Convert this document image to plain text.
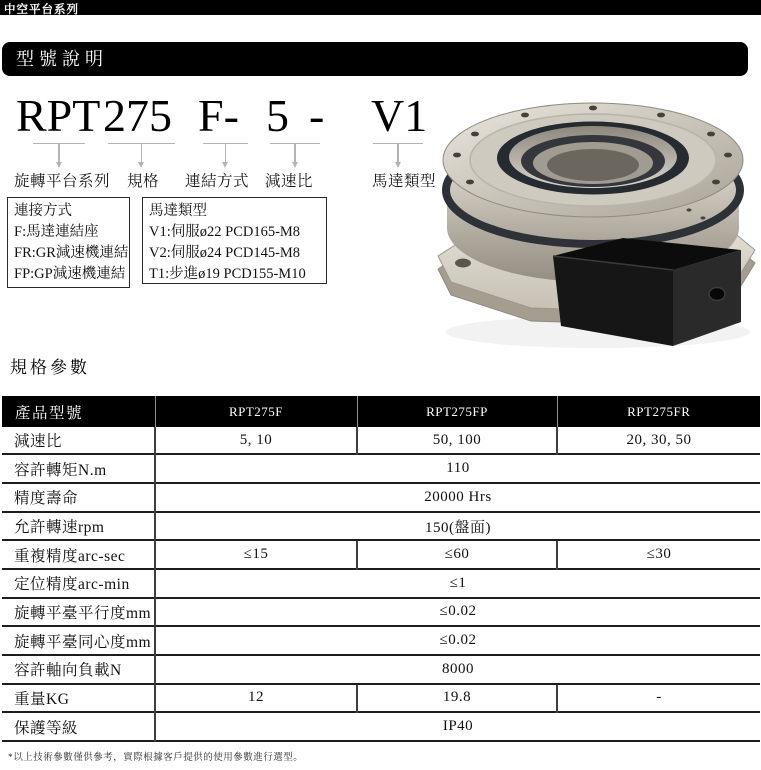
中空平台系列
型號說明
RPT 275 F- 5 - V1
旋轉平台系列 規格 連結方式 減速比	馬達類型
連接方式
F:馬達連結座
FR:GR減速機連結
FP:GP減速機連結
馬達類型
V1:伺服ø22 PCD165-M8
V2:伺服ø24 PCD145-M8
T1:步進ø19 PCD155-M10
規格參數
產品型號	RPT275F	RPT275FP	RPT275FR
減速比	5, 10	50, 100	20, 30, 50
容許轉矩N.m	110		
精度壽命	20000 Hrs		
允許轉速rpm	150(盤面)		
重複精度arc-sec	≤15	≤60	≤30
定位精度arc-min	≤1		
旋轉平臺平行度mm	≤0.02		
旋轉平臺同心度mm	≤0.02		
容許軸向負載N	8000		
重量KG	12	19.8	-
保護等級	IP40		
*以上技術參數僅供參考，實際根據客戶提供的使用參數進行選型。
